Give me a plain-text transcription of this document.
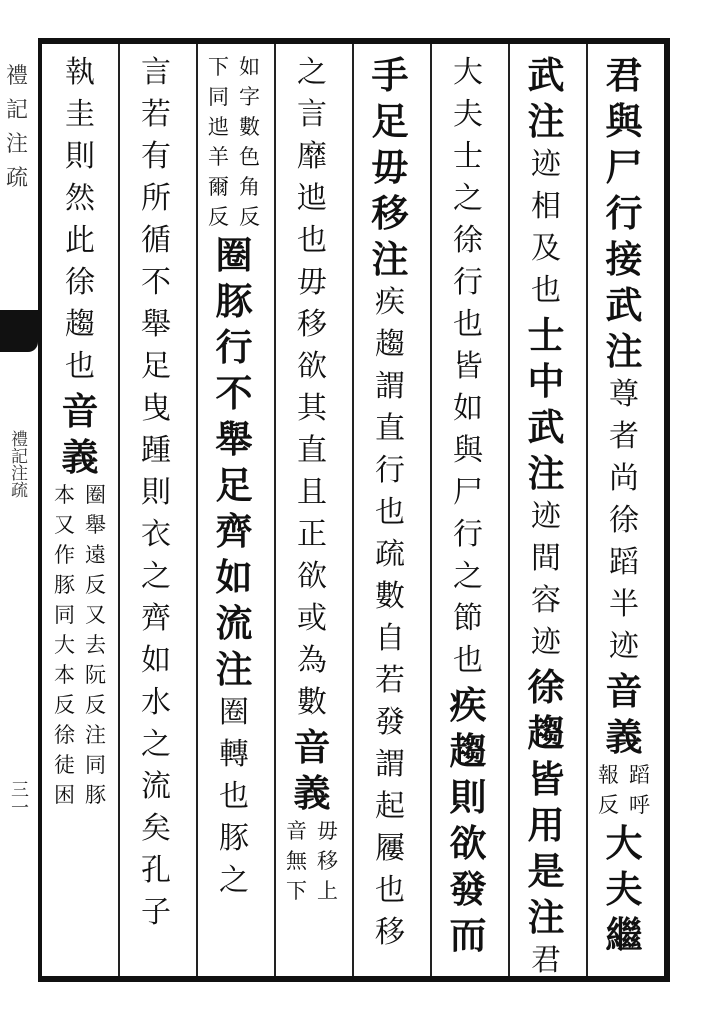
禮
記
注
疏
禮記注疏
三一
君與尸行接武注
尊者尚徐蹈半迹
音義
蹈呼
報反
大夫繼
武注
迹相及也
士中武注
迹間容迹
徐趨皆用是注
君
大夫士之徐行也皆如與尸行之節也
疾趨則欲發而
手足毋移注
疾趨謂直行也疏數自若發謂起屨也移
之言靡迆也毋移欲其直且正欲或為數
音義
毋移上
音無下
如字數色角反
下同迆羊爾反
圈豚行不舉足齊如流注
圈轉也豚之
言若有所循不舉足曳踵則衣之齊如水之流矣孔子
執圭則然此徐趨也
音義
圈舉遠反又去阮反注同豚
本又作豚同大本反徐徒困
